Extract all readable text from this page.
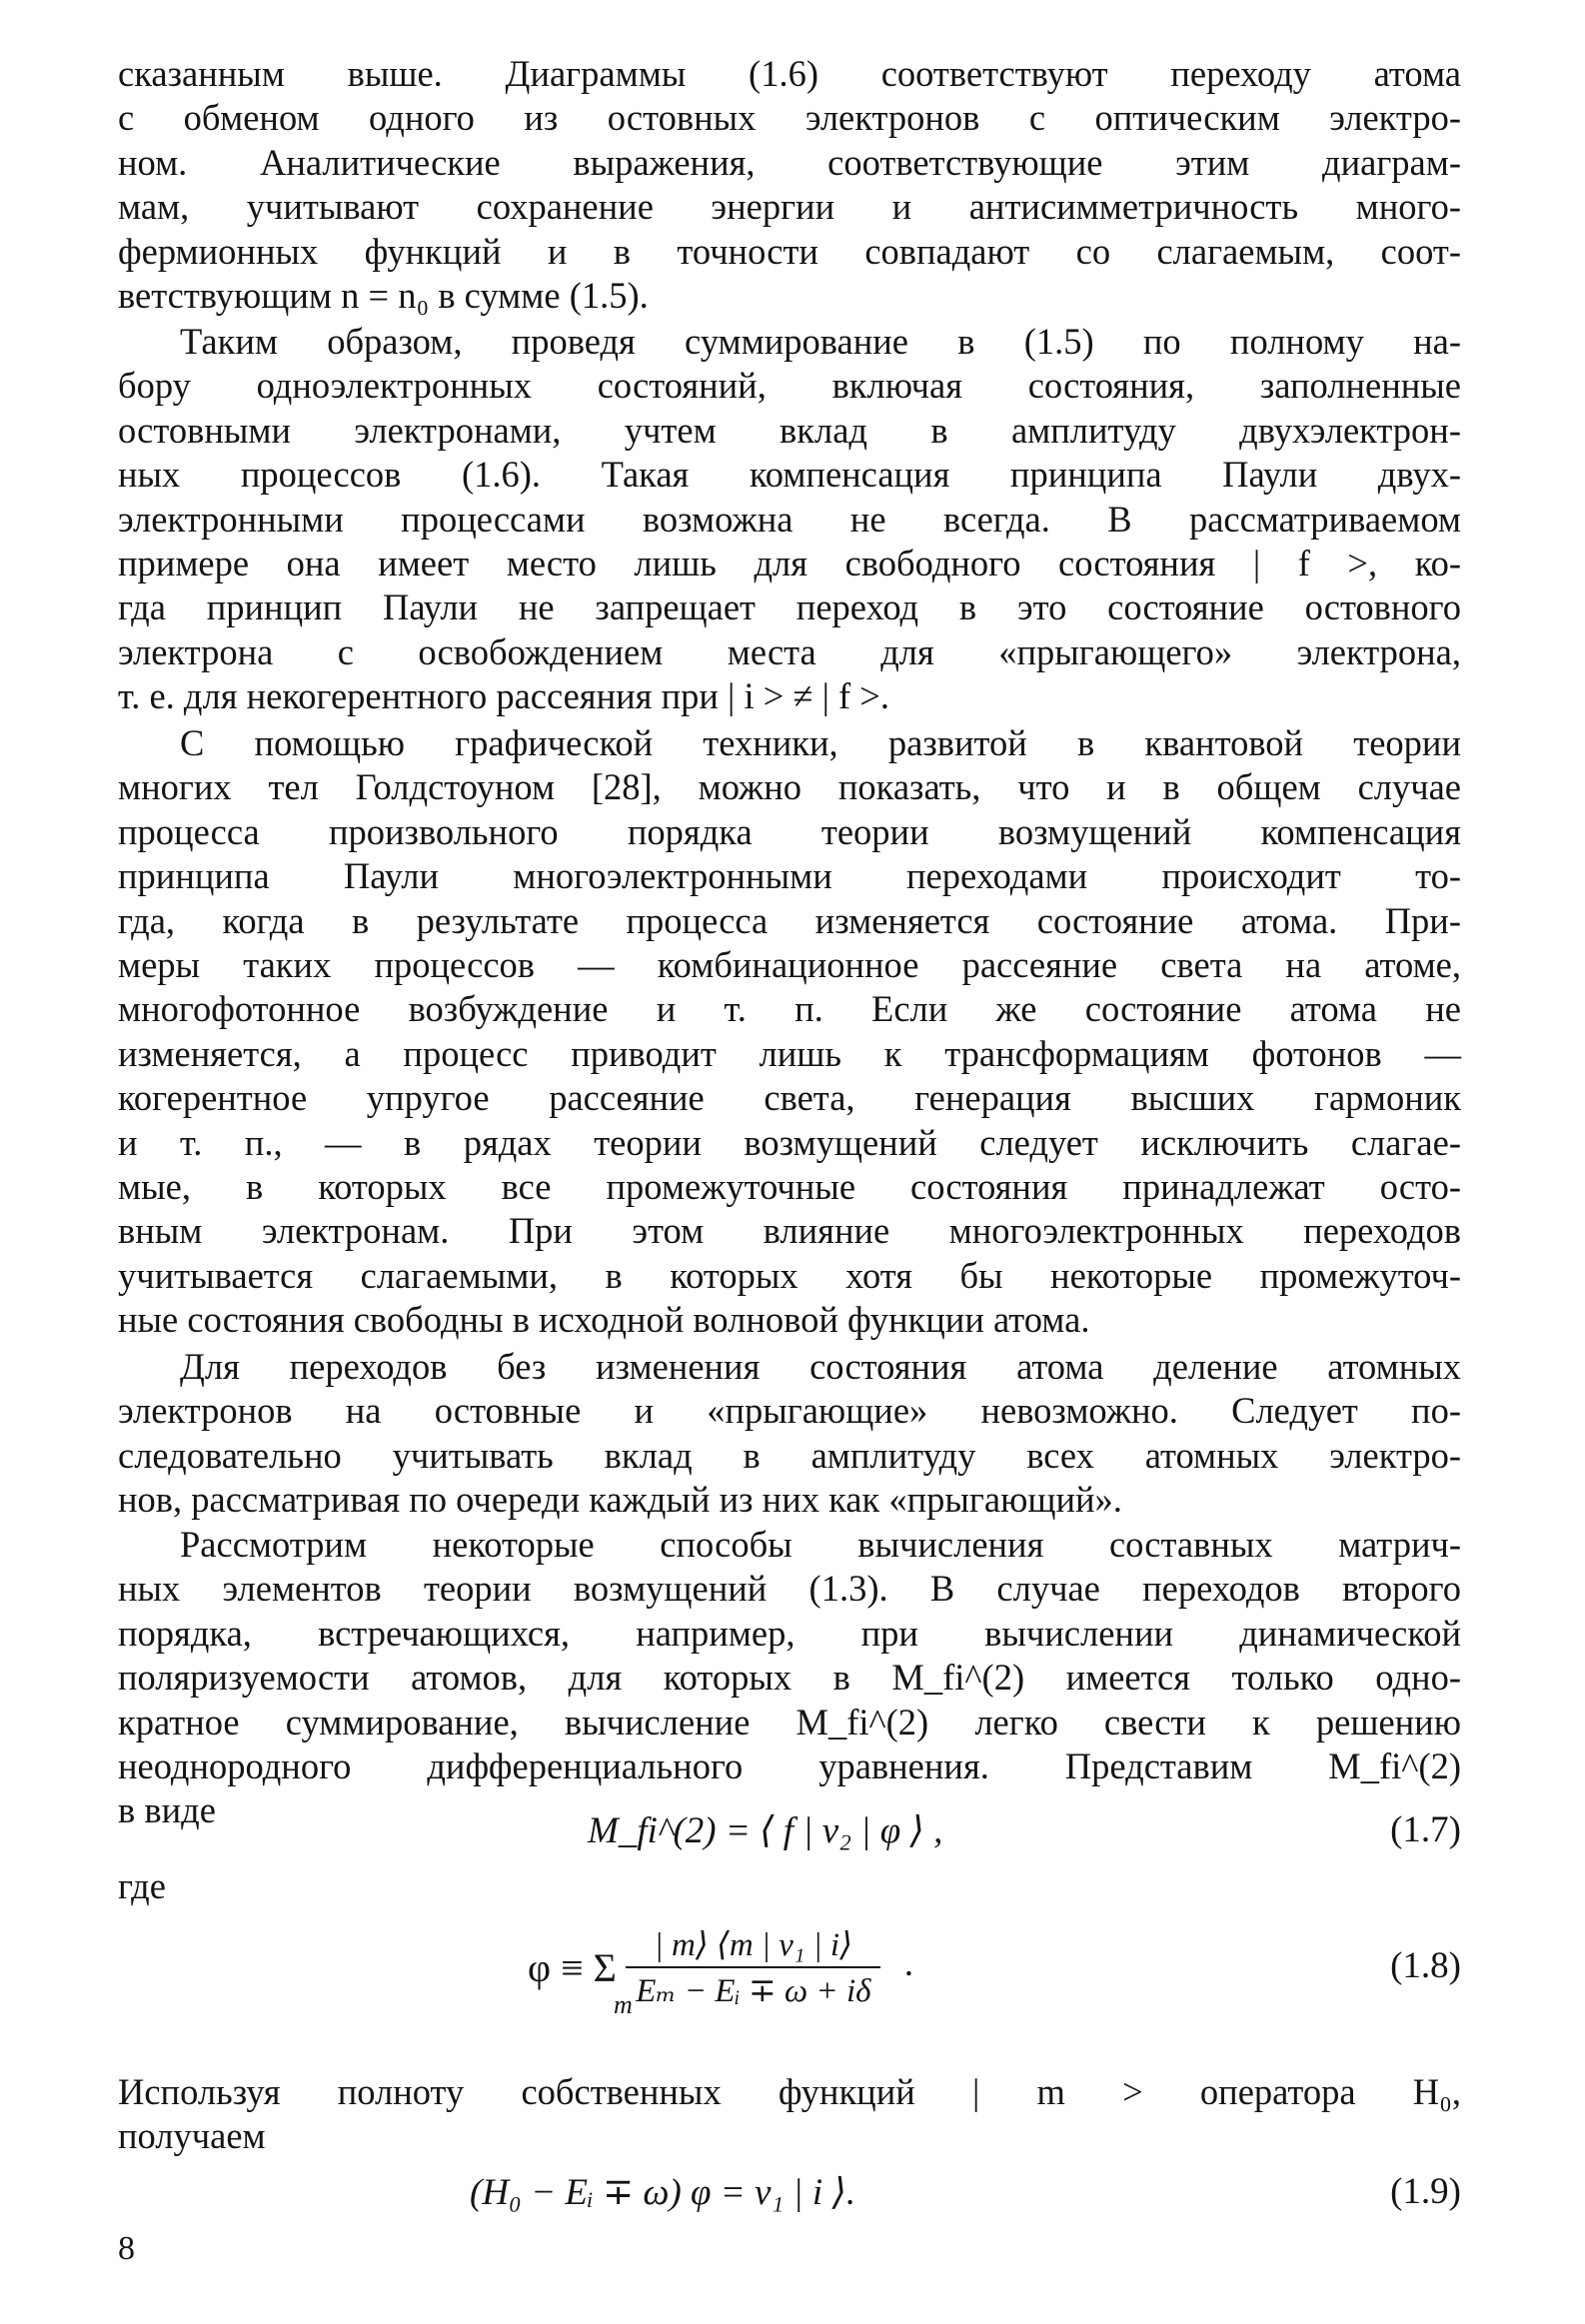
сказанным выше. Диаграммы (1.6) соответствуют переходу атома
с обменом одного из остовных электронов с оптическим электро-
ном. Аналитические выражения, соответствующие этим диаграм-
мам, учитывают сохранение энергии и антисимметричность много-
фермионных функций и в точности совпадают со слагаемым, соот-
ветствующим n = n₀ в сумме (1.5).
Таким образом, проведя суммирование в (1.5) по полному на-
бору одноэлектронных состояний, включая состояния, заполненные
остовными электронами, учтем вклад в амплитуду двухэлектрон-
ных процессов (1.6). Такая компенсация принципа Паули двух-
электронными процессами возможна не всегда. В рассматриваемом
примере она имеет место лишь для свободного состояния | f >, ко-
гда принцип Паули не запрещает переход в это состояние остовного
электрона с освобождением места для «прыгающего» электрона,
т. е. для некогерентного рассеяния при | i > ≠ | f >.
С помощью графической техники, развитой в квантовой теории
многих тел Голдстоуном [28], можно показать, что и в общем случае
процесса произвольного порядка теории возмущений компенсация
принципа Паули многоэлектронными переходами происходит то-
гда, когда в результате процесса изменяется состояние атома. При-
меры таких процессов — комбинационное рассеяние света на атоме,
многофотонное возбуждение и т. п. Если же состояние атома не
изменяется, а процесс приводит лишь к трансформациям фотонов —
когерентное упругое рассеяние света, генерация высших гармоник
и т. п., — в рядах теории возмущений следует исключить слагае-
мые, в которых все промежуточные состояния принадлежат осто-
вным электронам. При этом влияние многоэлектронных переходов
учитывается слагаемыми, в которых хотя бы некоторые промежуточ-
ные состояния свободны в исходной волновой функции атома.
Для переходов без изменения состояния атома деление атомных
электронов на остовные и «прыгающие» невозможно. Следует по-
следовательно учитывать вклад в амплитуду всех атомных электро-
нов, рассматривая по очереди каждый из них как «прыгающий».
Рассмотрим некоторые способы вычисления составных матрич-
ных элементов теории возмущений (1.3). В случае переходов второго
порядка, встречающихся, например, при вычислении динамической
поляризуемости атомов, для которых в M_fi^(2) имеется только одно-
кратное суммирование, вычисление M_fi^(2) легко свести к решению
неоднородного дифференциального уравнения. Представим M_fi^(2)
в виде
M_fi^(2) = ⟨ f | v₂ | φ ⟩ ,	(1.7)
где
φ ≡ Σ
m

$\frac{\text{| m⟩ ⟨m | v₁ | i⟩}}{\text{Eₘ − Eᵢ ∓ ω + iδ}}$ .	(1.8)
Используя полноту собственных функций | m > оператора H₀,
получаем
(H₀ − Eᵢ ∓ ω) φ = v₁ | i ⟩.	(1.9)
8
